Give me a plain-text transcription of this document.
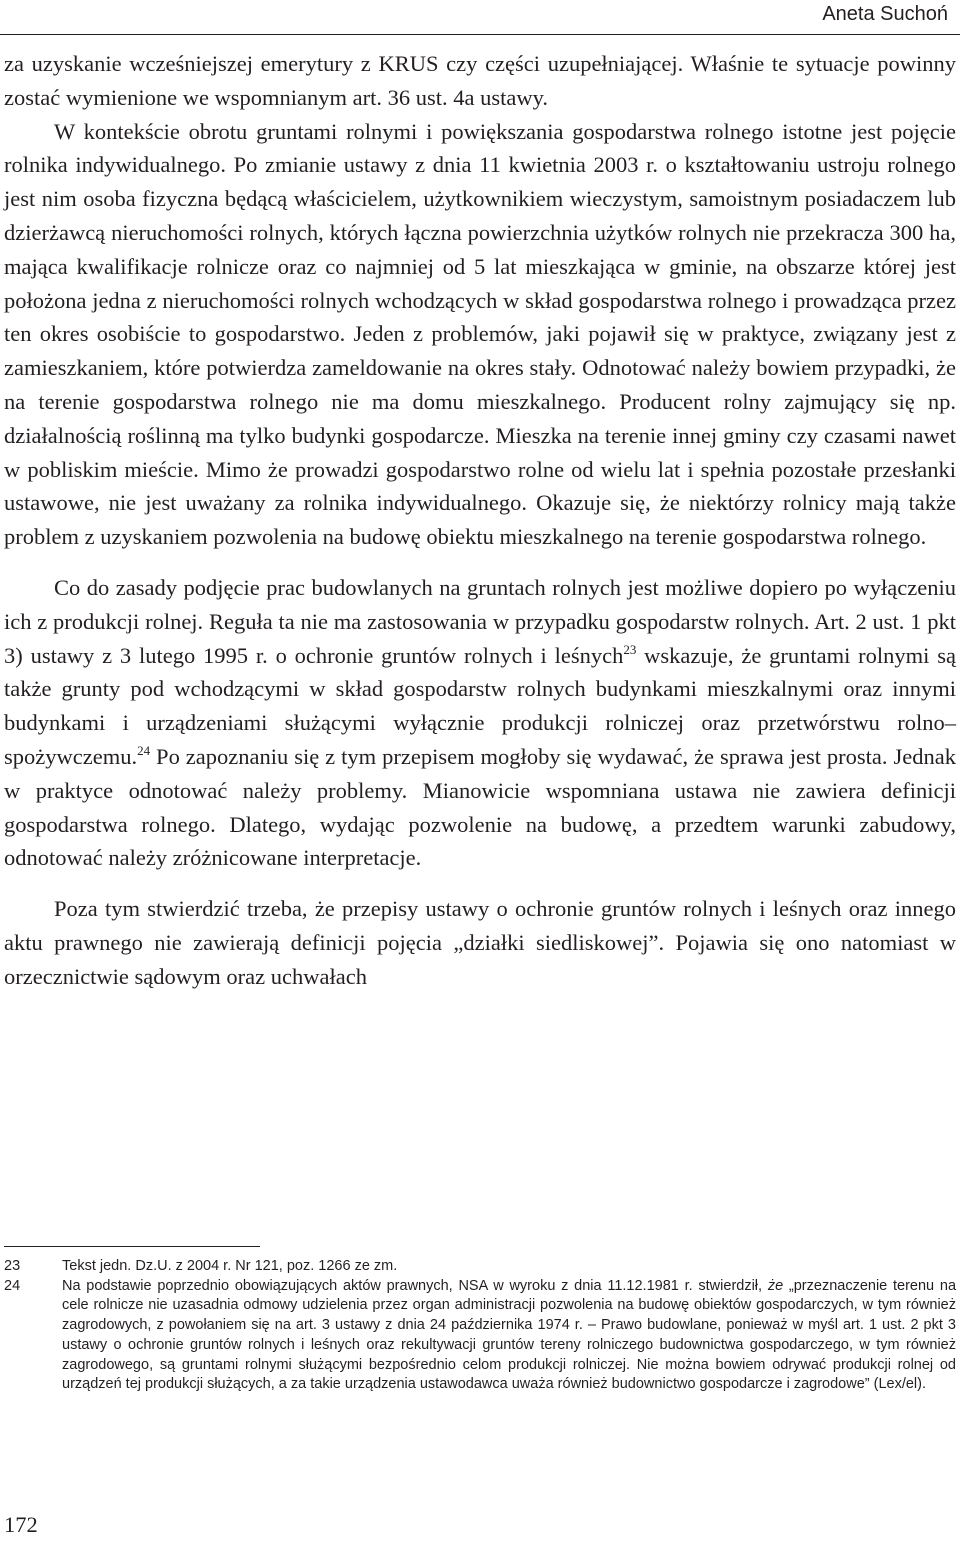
Aneta Suchoń

za uzyskanie wcześniejszej emerytury z KRUS czy części uzupełniającej. Właśnie te sytuacje powinny zostać wymienione we wspomnianym art. 36 ust. 4a ustawy.

W kontekście obrotu gruntami rolnymi i powiększania gospodarstwa rolnego istotne jest pojęcie rolnika indywidualnego. Po zmianie ustawy z dnia 11 kwietnia 2003 r. o kształtowaniu ustroju rolnego jest nim osoba fizyczna będącą właścicielem, użytkownikiem wieczystym, samoistnym posiadaczem lub dzierżawcą nieruchomości rolnych, których łączna powierzchnia użytków rolnych nie przekracza 300 ha, mająca kwalifikacje rolnicze oraz co najmniej od 5 lat mieszkająca w gminie, na obszarze której jest położona jedna z nieruchomości rolnych wchodzących w skład gospodarstwa rolnego i prowadząca przez ten okres osobiście to gospodarstwo. Jeden z problemów, jaki pojawił się w praktyce, związany jest z zamieszkaniem, które potwierdza zameldowanie na okres stały. Odnotować należy bowiem przypadki, że na terenie gospodarstwa rolnego nie ma domu mieszkalnego. Producent rolny zajmujący się np. działalnością roślinną ma tylko budynki gospodarcze. Mieszka na terenie innej gminy czy czasami nawet w pobliskim mieście. Mimo że prowadzi gospodarstwo rolne od wielu lat i spełnia pozostałe przesłanki ustawowe, nie jest uważany za rolnika indywidualnego. Okazuje się, że niektórzy rolnicy mają także problem z uzyskaniem pozwolenia na budowę obiektu mieszkalnego na terenie gospodarstwa rolnego.

Co do zasady podjęcie prac budowlanych na gruntach rolnych jest możliwe dopiero po wyłączeniu ich z produkcji rolnej. Reguła ta nie ma zastosowania w przypadku gospodarstw rolnych. Art. 2 ust. 1 pkt 3) ustawy z 3 lutego 1995 r. o ochronie gruntów rolnych i leśnych$^{23}$ wskazuje, że gruntami rolnymi są także grunty pod wchodzącymi w skład gospodarstw rolnych budynkami mieszkalnymi oraz innymi budynkami i urządzeniami służącymi wyłącznie produkcji rolniczej oraz przetwórstwu rolno–spożywczemu.$^{24}$ Po zapoznaniu się z tym przepisem mogłoby się wydawać, że sprawa jest prosta. Jednak w praktyce odnotować należy problemy. Mianowicie wspomniana ustawa nie zawiera definicji gospodarstwa rolnego. Dlatego, wydając pozwolenie na budowę, a przedtem warunki zabudowy, odnotować należy zróżnicowane interpretacje.

Poza tym stwierdzić trzeba, że przepisy ustawy o ochronie gruntów rolnych i leśnych oraz innego aktu prawnego nie zawierają definicji pojęcia „działki siedliskowej”. Pojawia się ono natomiast w orzecznictwie sądowym oraz uchwałach

23	Tekst jedn. Dz.U. z 2004 r. Nr 121, poz. 1266 ze zm.
24	Na podstawie poprzednio obowiązujących aktów prawnych, NSA w wyroku z dnia 11.12.1981 r. stwierdził, że „przeznaczenie terenu na cele rolnicze nie uzasadnia odmowy udzielenia przez organ administracji pozwolenia na budowę obiektów gospodarczych, w tym również zagrodowych, z powołaniem się na art. 3 ustawy z dnia 24 października 1974 r. – Prawo budowlane, ponieważ w myśl art. 1 ust. 2 pkt 3 ustawy o ochronie gruntów rolnych i leśnych oraz rekultywacji gruntów tereny rolniczego budownictwa gospodarczego, w tym również zagrodowego, są gruntami rolnymi służącymi bezpośrednio celom produkcji rolniczej. Nie można bowiem odrywać produkcji rolnej od urządzeń tej produkcji służących, a za takie urządzenia ustawodawca uważa również budownictwo gospodarcze i zagrodowe” (Lex/el).
172
